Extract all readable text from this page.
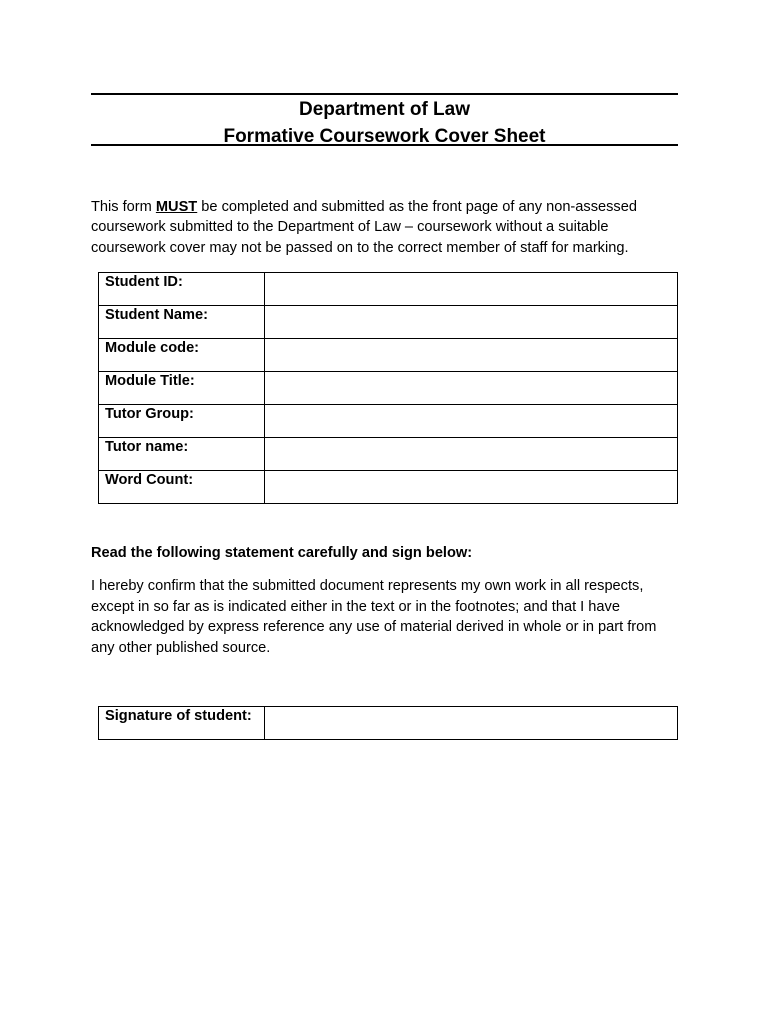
Department of Law
Formative Coursework Cover Sheet
This form MUST be completed and submitted as the front page of any non-assessed coursework submitted to the Department of Law – coursework without a suitable coursework cover may not be passed on to the correct member of staff for marking.
Student ID:	
Student Name:	
Module code:	
Module Title:	
Tutor Group:	
Tutor name:	
Word Count:	
Read the following statement carefully and sign below:
I hereby confirm that the submitted document represents my own work in all respects, except in so far as is indicated either in the text or in the footnotes; and that I have acknowledged by express reference any use of material derived in whole or in part from any other published source.
Signature of student:	
